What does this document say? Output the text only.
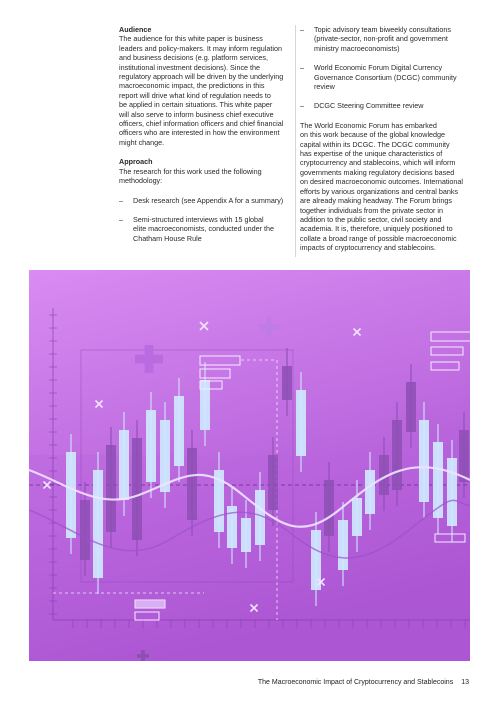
Audience

The audience for this white paper is business
leaders and policy-makers. It may inform regulation
and business decisions (e.g. platform services,
institutional investment decisions). Since the
regulatory approach will be driven by the underlying
macroeconomic impact, the predictions in this
report will drive what kind of regulation needs to
be applied in certain situations. This white paper
will also serve to inform business chief executive
officers, chief information officers and chief financial
officers who are interested in how the environment
might change.

Approach

The research for this work used the following
methodology:
– Desk research (see Appendix A for a summary)
– Semi-structured interviews with 15 global
elite macroeconomists, conducted under the
Chatham House Rule
– Topic advisory team biweekly consultations
(private-sector, non-profit and government
ministry macroeconomists)
– World Economic Forum Digital Currency
Governance Consortium (DCGC) community
review
– DCGC Steering Committee review
The World Economic Forum has embarked
on this work because of the global knowledge
capital within its DCGC. The DCGC community
has expertise of the unique characteristics of
cryptocurrency and stablecoins, which will inform
governments making regulatory decisions based
on desired macroeconomic outcomes. International
efforts by various organizations and central banks
are already making headway. The Forum brings
together individuals from the private sector in
addition to the public sector, civil society and
academia. It is, therefore, uniquely positioned to
collate a broad range of possible macroeconomic
impacts of cryptocurrency and stablecoins.
The Macroeconomic Impact of Cryptocurrency and Stablecoins 13
